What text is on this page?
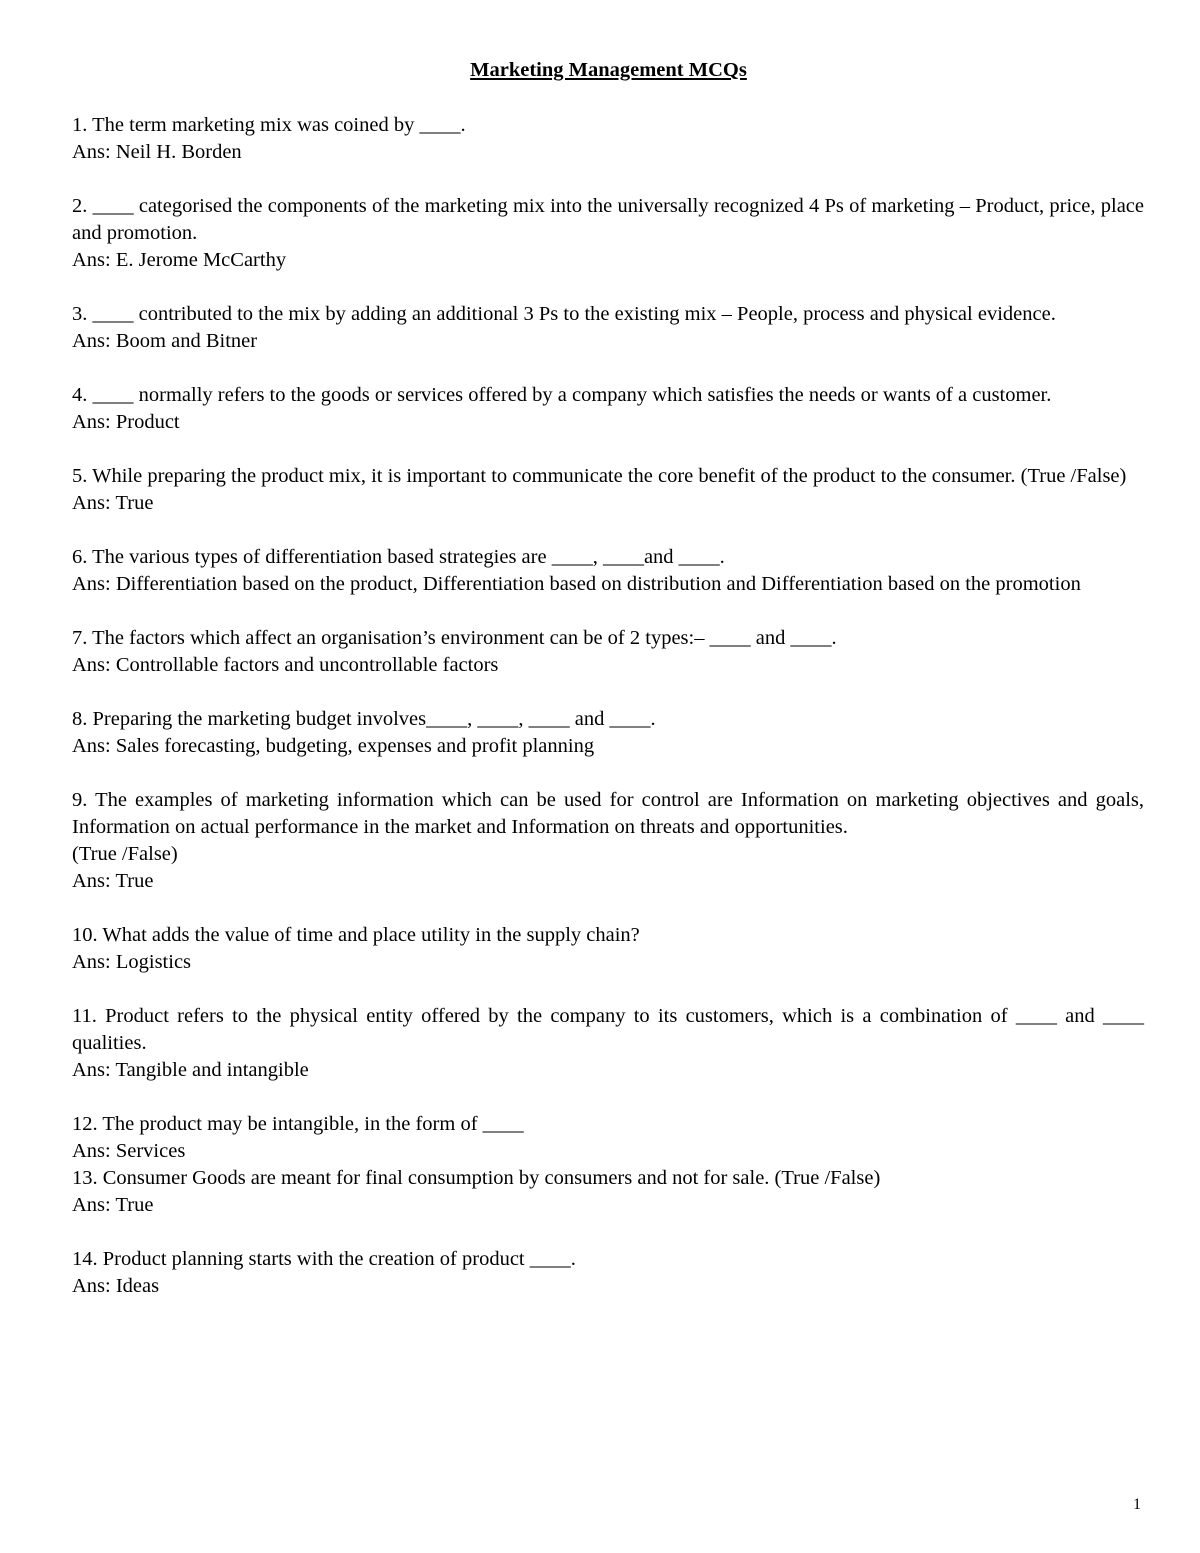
Marketing Management MCQs

1. The term marketing mix was coined by ____.

Ans: Neil H. Borden

2. ____ categorised the components of the marketing mix into the universally recognized 4 Ps of marketing – Product, price, place and promotion.

Ans: E. Jerome McCarthy

3. ____ contributed to the mix by adding an additional 3 Ps to the existing mix – People, process and physical evidence.

Ans: Boom and Bitner

4. ____ normally refers to the goods or services offered by a company which satisfies the needs or wants of a customer.

Ans: Product

5. While preparing the product mix, it is important to communicate the core benefit of the product to the consumer. (True /False)

Ans: True

6. The various types of differentiation based strategies are ____, ____and ____.

Ans: Differentiation based on the product, Differentiation based on distribution and Differentiation based on the promotion

7. The factors which affect an organisation’s environment can be of 2 types:– ____ and ____.

Ans: Controllable factors and uncontrollable factors

8. Preparing the marketing budget involves____, ____, ____ and ____.

Ans: Sales forecasting, budgeting, expenses and profit planning

9. The examples of marketing information which can be used for control are Information on marketing objectives and goals, Information on actual performance in the market and Information on threats and opportunities.

(True /False)

Ans: True

10. What adds the value of time and place utility in the supply chain?

Ans: Logistics

11. Product refers to the physical entity offered by the company to its customers, which is a combination of ____ and ____ qualities.

Ans: Tangible and intangible

12. The product may be intangible, in the form of ____

Ans: Services

13. Consumer Goods are meant for final consumption by consumers and not for sale. (True /False)

Ans: True

14. Product planning starts with the creation of product ____.

Ans: Ideas

1
